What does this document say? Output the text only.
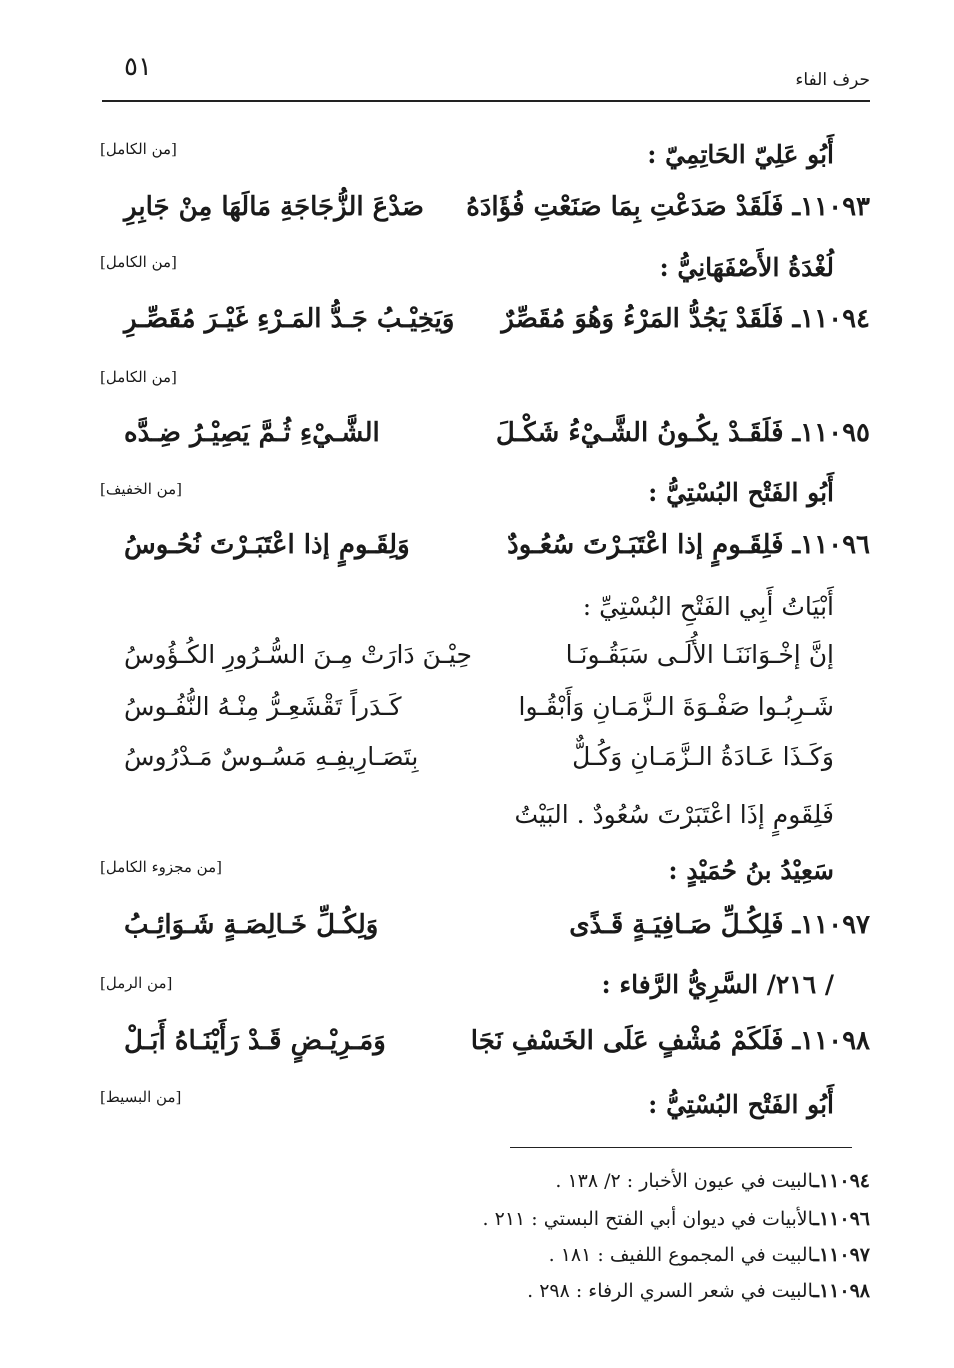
٥١	حرف الفاء
أَبُو عَلِيّ الحَاتِمِيّ :
[من الكامل]
١١٠٩٣ـ فَلَقَدْ صَدَعْتِ بِمَا صَنَعْتِ فُؤَادَهُ
صَدْعَ الزُّجَاجَةِ مَالَهَا مِنْ جَابِرِ
لُغْدَةُ الأَصْفَهَانِيُّ :
[من الكامل]
١١٠٩٤ـ فَلَقَدْ يَجُدُّ المَرْءُ وَهُوَ مُقَصِّرٌ
وَيَخِيْـبُ جَـدُّ المَـرْءِ غَيْـرَ مُقَصِّـرِ
[من الكامل]
١١٠٩٥ـ فَلَقَـدْ يكُـونُ الشَّـيْءُ شَكْـلَ
الشَّـيْءِ ثُـمَّ يَصِيْـرُ ضِـدَّه
أَبُو الفَتْح البُسْتِيُّ :
[من الخفيف]
١١٠٩٦ـ فَلِقَـومٍ إذا اعْتَبَـرْتَ سُعُـودٌ
وَلِقَـومٍ إذا اعْتَبَـرْتَ نُحُـوسُ
أَبْيَاتُ أَبِي الفَتْحِ البُسْتِيِّ :
إنَّ إخْـوَانَنَـا الأُلَـى سَبَقُـونَـا
حِيْـنَ دَارَتْ مِـنَ السُّـرُورِ الكُـؤُوسُ
شَـرِبُـوا صَفْـوَةَ الـزَّمَـانِ وَأَبْقُـوا
كَـدَراً تَقْشَعِـرُّ مِنْـهُ النُّفُـوسُ
وَكَـذَا عَـادَةُ الـزَّمَـانِ وَكُـلٌّ
بِتَصَـارِيفِـهِ مَسُـوسٌ مَـدْرُوسُ
فَلِقَومٍ إذَا اعْتَبَرْتَ سُعُودٌ . البَيْتُ
سَعِيْدُ بنُ حُمَيْدٍ :
[من مجزوء الكامل]
١١٠٩٧ـ فَلِكُـلِّ صَـافِيَـةٍ قَـذًى
وَلِكُـلِّ خَـالِصَـةٍ شَـوَائِـبُ
/ ٢١٦/ السَّرِيُّ الرَّفاء :
[من الرمل]
١١٠٩٨ـ فَلَكَمْ مُشْفٍ عَلَى الخَسْفِ نَجَا
وَمَـرِيْـضٍ قَـدْ رَأَيْنَـاهُ أَبَـلْ
أَبُو الفَتْح البُسْتِيُّ :
[من البسيط]
١١٠٩٤ـالبيت في عيون الأخبار : ٢/ ١٣٨ .
١١٠٩٦ـالأبيات في ديوان أبي الفتح البستي : ٢١١ .
١١٠٩٧ـالبيت في المجموع اللفيف : ١٨١ .
١١٠٩٨ـالبيت في شعر السري الرفاء : ٢٩٨ .
